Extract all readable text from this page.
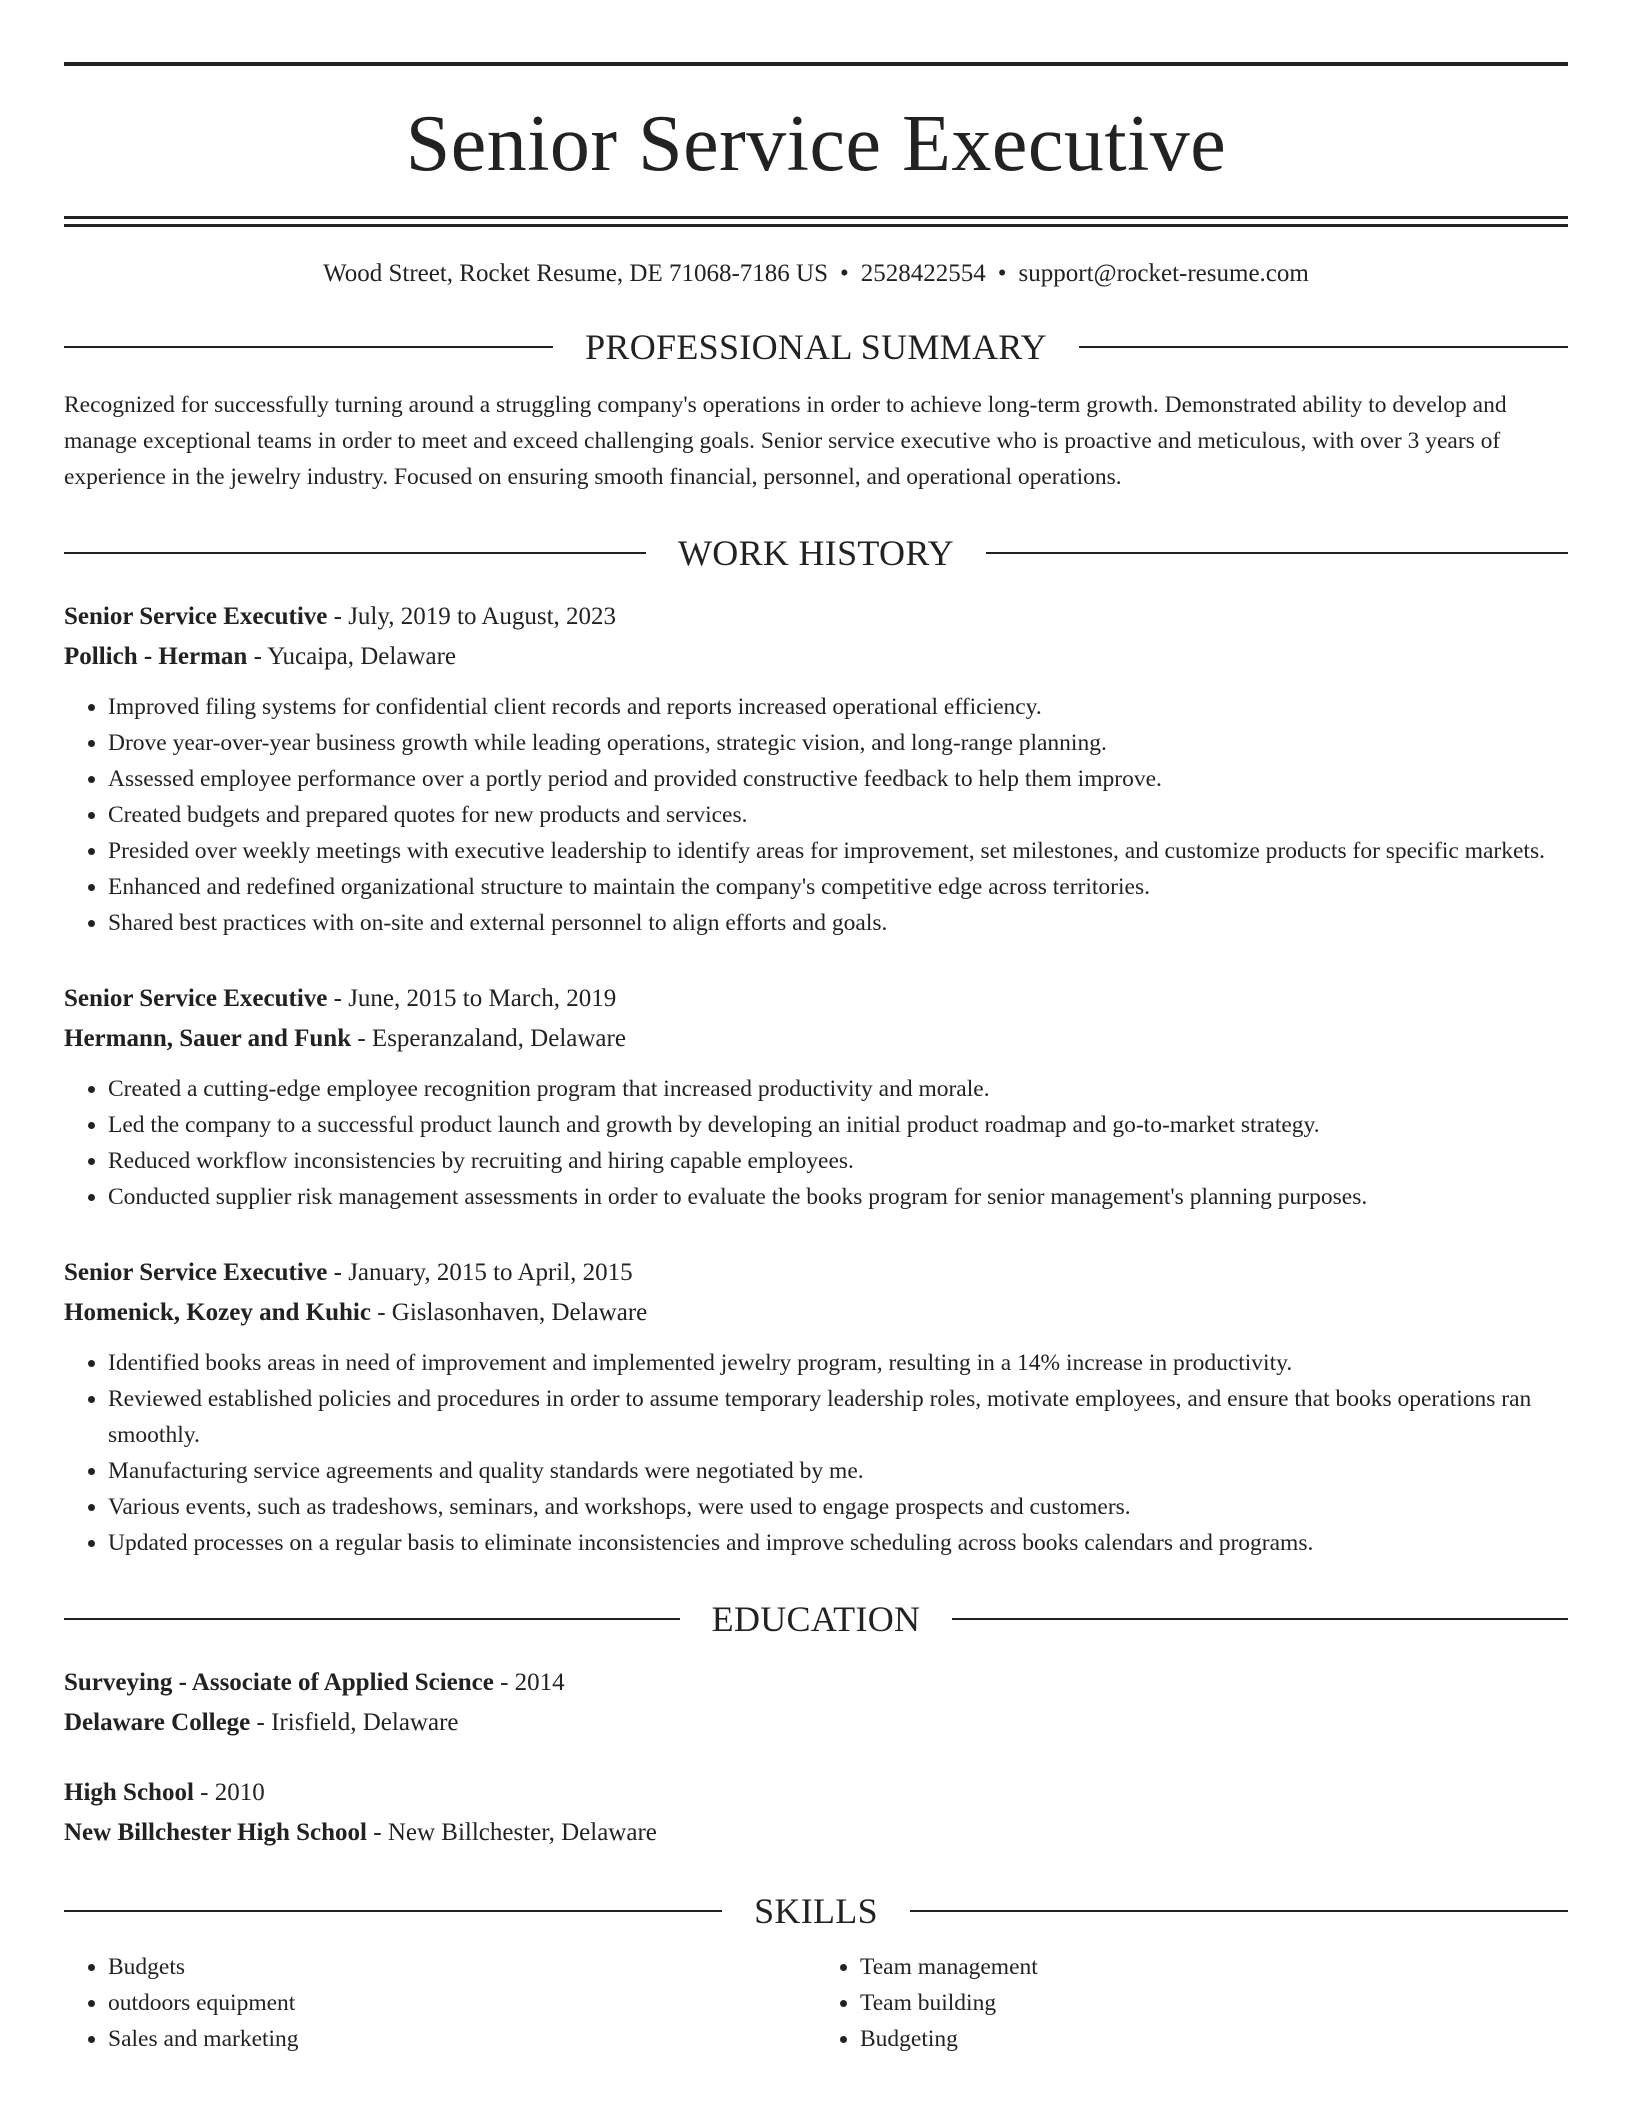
Senior Service Executive
Wood Street, Rocket Resume, DE 71068-7186 US • 2528422554 • support@rocket-resume.com
PROFESSIONAL SUMMARY
Recognized for successfully turning around a struggling company's operations in order to achieve long-term growth. Demonstrated ability to develop and manage exceptional teams in order to meet and exceed challenging goals. Senior service executive who is proactive and meticulous, with over 3 years of experience in the jewelry industry. Focused on ensuring smooth financial, personnel, and operational operations.
WORK HISTORY
Senior Service Executive - July, 2019 to August, 2023
Pollich - Herman - Yucaipa, Delaware
• Improved filing systems for confidential client records and reports increased operational efficiency.
• Drove year-over-year business growth while leading operations, strategic vision, and long-range planning.
• Assessed employee performance over a portly period and provided constructive feedback to help them improve.
• Created budgets and prepared quotes for new products and services.
• Presided over weekly meetings with executive leadership to identify areas for improvement, set milestones, and customize products for specific markets.
• Enhanced and redefined organizational structure to maintain the company's competitive edge across territories.
• Shared best practices with on-site and external personnel to align efforts and goals.
Senior Service Executive - June, 2015 to March, 2019
Hermann, Sauer and Funk - Esperanzaland, Delaware
• Created a cutting-edge employee recognition program that increased productivity and morale.
• Led the company to a successful product launch and growth by developing an initial product roadmap and go-to-market strategy.
• Reduced workflow inconsistencies by recruiting and hiring capable employees.
• Conducted supplier risk management assessments in order to evaluate the books program for senior management's planning purposes.
Senior Service Executive - January, 2015 to April, 2015
Homenick, Kozey and Kuhic - Gislasonhaven, Delaware
• Identified books areas in need of improvement and implemented jewelry program, resulting in a 14% increase in productivity.
• Reviewed established policies and procedures in order to assume temporary leadership roles, motivate employees, and ensure that books operations ran smoothly.
• Manufacturing service agreements and quality standards were negotiated by me.
• Various events, such as tradeshows, seminars, and workshops, were used to engage prospects and customers.
• Updated processes on a regular basis to eliminate inconsistencies and improve scheduling across books calendars and programs.
EDUCATION
Surveying - Associate of Applied Science - 2014
Delaware College - Irisfield, Delaware
High School - 2010
New Billchester High School - New Billchester, Delaware
SKILLS
• Budgets
• outdoors equipment
• Sales and marketing
• Team management
• Team building
• Budgeting
